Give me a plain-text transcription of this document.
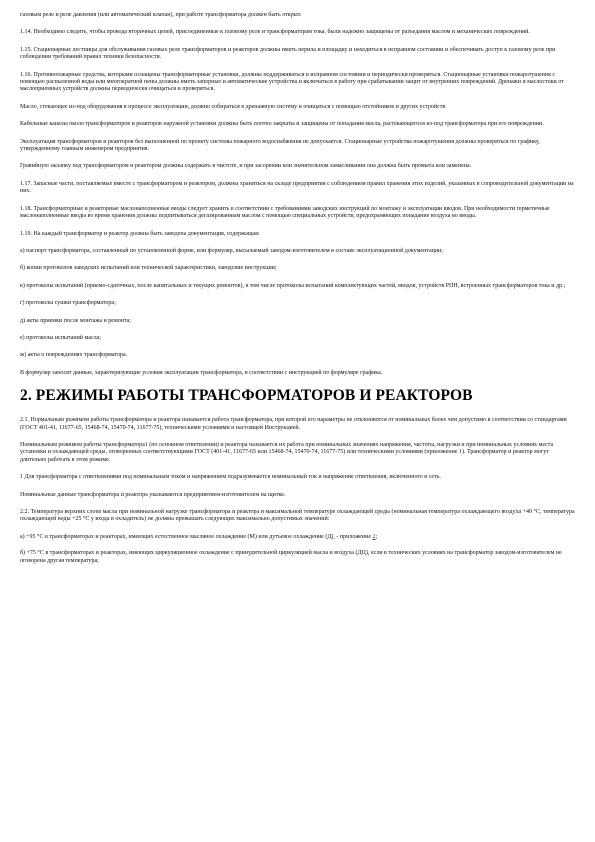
газовым реле и реле давления (или автоматический клапан), при работе трансформатора должен быть открыт.

1.14. Необходимо следить, чтобы провода вторичных цепей, присоединенные к газовому реле и трансформаторам тока, были надежно защищены от разъедания маслом и механических повреждений.

1.15. Стационарные лестницы для обслуживания газовых реле трансформаторов и реакторов должны иметь перила и площадку и находиться в исправном состоянии и обеспечивать доступ к газовому реле при соблюдении требований правил техники безопасности.

1.16. Противопожарные средства, которыми оснащены трансформаторные установки, должны поддерживаться в исправном состоянии и периодически проверяться. Стационарные установки пожаротушения с помощью распыленной воды или многократной пены должны иметь запорные и автоматические устройства и включаться в работу при срабатывании защит от внутренних повреждений. Дренажи и маслостоки от маслоприемных устройств должны периодически очищаться и проверяться.

Масло, стекающее из-под оборудования в процессе эксплуатации, должно собираться в дренажную систему и очищаться с помощью отстойников и других устройств.

Кабельные каналы около трансформаторов и реакторов наружной установки должны быть плотно закрыты и защищены от попадания масла, растекающегося из-под трансформатора при его повреждении.

Эксплуатация трансформаторов и реакторов без выполненной по проекту системы пожарного водоснабжения не допускается. Стационарные устройства пожаротушения должны проверяться по графику, утвержденному главным инженером предприятия.

Гравийную засыпку под трансформатором и реактором должны содержать в чистоте, и при засорении или значительном замасливании она должна быть промыта или заменена.

1.17. Запасные части, поставляемые вместе с трансформатором и реактором, должны храниться на складе предприятия с соблюдением правил хранения этих изделий, указанных в сопроводительной документации на них.

1.18. Трансформаторные и реакторные маслонаполненные вводы следует хранить в соответствии с требованиями заводских инструкций по монтажу и эксплуатации вводов. При необходимости герметичные маслонаполненные вводы во время хранения должны подпитываться дегазированным маслом с помощью специальных устройств, предохраняющих попадание воздуха во вводы.

1.19. На каждый трансформатор и реактор должна быть заведена документация, содержащая:

а) паспорт трансформатора, составленный по установленной форме, или формуляр, высылаемый заводом-изготовителем в составе эксплуатационной документации;

б) копии протоколов заводских испытаний или технической характеристики, заводские инструкции;

в) протоколы испытаний (приемо-сдаточных, после капитальных и текущих ремонтов), в том числе протоколы испытаний комплектующих частей, вводов, устройств РПН, встроенных трансформаторов тока и др.;

г) протоколы сушки трансформатора;

д) акты приемки после монтажа и ремонта;

е) протоколы испытаний масла;

ж) акты о повреждениях трансформатора.

В формуляр заносят данные, характеризующие условия эксплуатации трансформатора, в соответствии с инструкцией по формуляре графика.

2. РЕЖИМЫ РАБОТЫ ТРАНСФОРМАТОРОВ И РЕАКТОРОВ

2.1. Нормальным режимом работы трансформатора и реактора называется работа трансформатора, при которой его параметры не отклоняются от номинальных более чем допустимо в соответствии со стандартами (ГОСТ 401-41, 11677-65, 15468-74, 15470-74, 11677-75), техническими условиями и настоящей Инструкцией.

Номинальным режимом работы трансформатора1 (по основном ответвлении) и реактора называется их работа при номинальных значениях напряжения, частоты, нагрузки и при номинальных условиях места установки и охлаждающей среды, оговоренных соответствующими ГОСТ (401-41, 11677-65 или 15468-74, 15470-74, 11677-75) или техническими условиями (приложение 1). Трансформатор и реактор могут длительно работать в этом режиме.

1 Для трансформатора с ответвлениями под номинальным током и напряжением подразумевается номинальный ток и напряжение ответвления, включенного в сеть.

Номинальные данные трансформатора и реактора указываются предприятием-изготовителем на щитке.

2.2. Температура верхних слоев масла при номинальной нагрузке трансформатора и реактора и максимальной температуре охлаждающей среды (номинальная температура охлаждающего воздуха +40 °С, температура охлаждающей воды +25 °С у входа в охладитель) не должна превышать следующих максимально допустимых значений:

а) +95 °С в трансформаторах и реакторах, имеющих естественное масляное охлаждение (М) или дутьевое охлаждение (Д), - приложение 2;

б) +75 °С в трансформаторах и реакторах, имеющих циркуляционное охлаждение с принудительной циркуляцией масла и воздуха (ДЦ), если в технических условиях на трансформатор заводом-изготовителем не оговорена другая температура;
